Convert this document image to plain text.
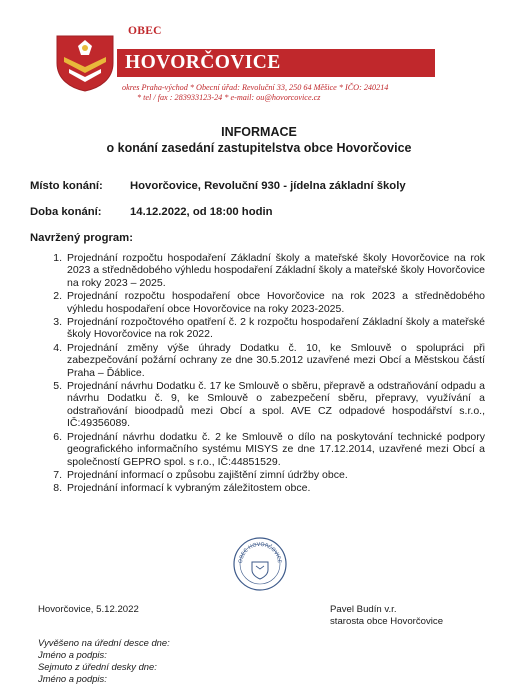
OBEC
HOVORČOVICE
okres Praha-východ * Obecní úřad: Revoluční 33, 250 64 Měšice * IČO: 240214
* tel / fax : 283933123-24 * e-mail: ou@hovorcovice.cz
INFORMACE
o konání zasedání zastupitelstva obce Hovorčovice
Místo konání: Hovorčovice, Revoluční 930 - jídelna základní školy
Doba konání:	14.12.2022, od 18:00 hodin
Navržený program:
1. Projednání rozpočtu hospodaření Základní školy a mateřské školy Hovorčovice na rok 2023 a střednědobého výhledu hospodaření Základní školy a mateřské školy Hovorčovice na roky 2023 – 2025.
2. Projednání rozpočtu hospodaření obce Hovorčovice na rok 2023 a střednědobého výhledu hospodaření obce Hovorčovice na roky 2023-2025.
3. Projednání rozpočtového opatření č. 2 k rozpočtu hospodaření Základní školy a mateřské školy Hovorčovice na rok 2022.
4. Projednání změny výše úhrady Dodatku č. 10, ke Smlouvě o spolupráci při zabezpečování požární ochrany ze dne 30.5.2012 uzavřené mezi Obcí a Městskou částí Praha – Ďáblice.
5. Projednání návrhu Dodatku č. 17 ke Smlouvě o sběru, přepravě a odstraňování odpadu a návrhu Dodatku č. 9, ke Smlouvě o zabezpečení sběru, přepravy, využívání a odstraňování bioodpadů mezi Obcí a spol. AVE CZ odpadové hospodářství s.r.o., IČ:49356089.
6. Projednání návrhu dodatku č. 2 ke Smlouvě o dílo na poskytování technické podpory geografického informačního systému MISYS ze dne 17.12.2014, uzavřené mezi Obcí a společností GEPRO spol. s r.o., IČ:44851529.
7. Projednání informací o způsobu zajištění zimní údržby obce.
8. Projednání informací k vybraným záležitostem obce.
OBEC HOVORČOVICE
Hovorčovice, 5.12.2022	Pavel Budín v.r.
starosta obce Hovorčovice
Vyvěšeno na úřední desce dne:
Jméno a podpis:
Sejmuto z úřední desky dne:
Jméno a podpis:
